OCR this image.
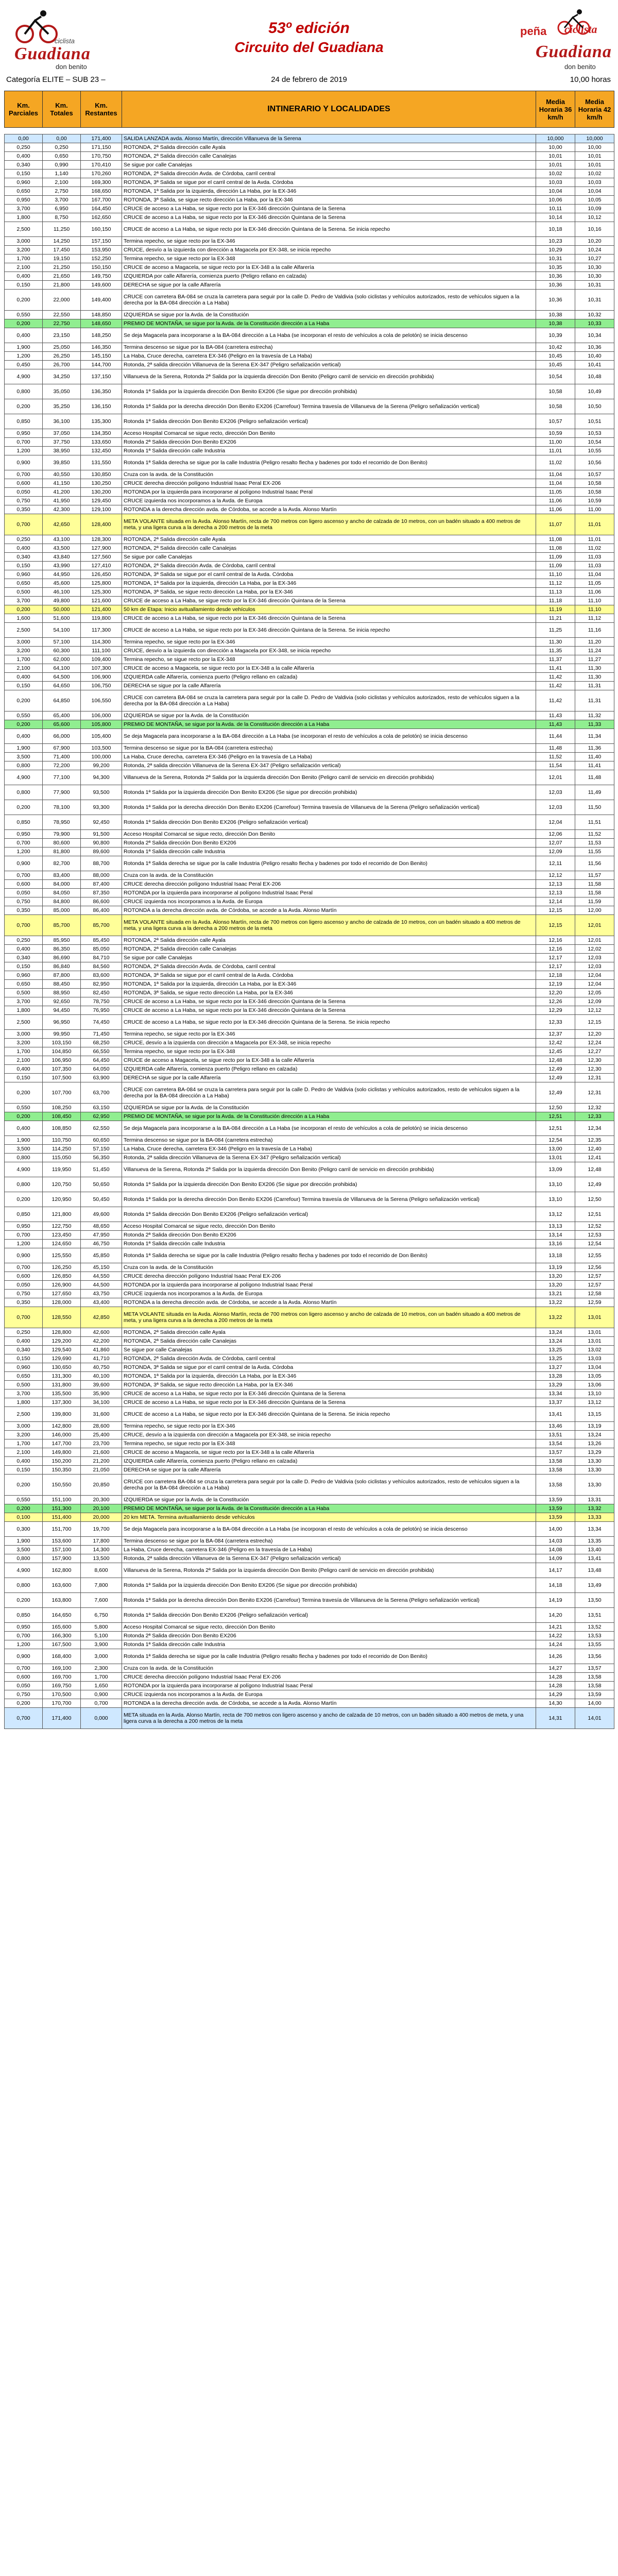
ciclista
Guadiana
don benito
53º edición
Circuito del Guadiana
peña ciclista
Guadiana
don benito
Categoría ELITE – SUB 23 –	24 de febrero de 2019	10,00 horas
Km. Parciales	Km. Totales	Km. Restantes	INTINERARIO Y LOCALIDADES	Media Horaria 36 km/h	Media Horaria 42 km/h

0,00	0,00	171,400	SALIDA LANZADA avda. Alonso Martín, dirección Villanueva de la Serena	10,000	10,000
0,250	0,250	171,150	ROTONDA, 2ª Salida dirección calle Ayala	10,00	10,00
0,400	0,650	170,750	ROTONDA, 2ª Salida dirección calle Canalejas	10,01	10,01
0,340	0,990	170,410	Se sigue por calle Canalejas	10,01	10,01
0,150	1,140	170,260	ROTONDA, 2ª Salida dirección Avda. de Córdoba, carril central	10,02	10,02
0,960	2,100	169,300	ROTONDA, 3ª Salida se sigue por el carril central de la Avda. Córdoba	10,03	10,03
0,650	2,750	168,650	ROTONDA, 1ª Salida por la izquierda, dirección La Haba, por la EX-346	10,04	10,04
0,950	3,700	167,700	ROTONDA, 3ª Salida, se sigue recto dirección La Haba, por la EX-346	10,06	10,05
3,700	6,950	164,450	CRUCE de acceso a La Haba, se sigue recto por la EX-346 dirección Quintana de la Serena	10,11	10,09
1,800	8,750	162,650	CRUCE de acceso a La Haba, se sigue recto por la EX-346 dirección Quintana de la Serena	10,14	10,12
2,500	11,250	160,150	CRUCE de acceso a La Haba, se sigue recto por la EX-346 dirección Quintana de la Serena. Se inicia repecho	10,18	10,16
3,000	14,250	157,150	Termina repecho, se sigue recto por la EX-346	10,23	10,20
3,200	17,450	153,950	CRUCE, desvío a la izquierda con dirección a Magacela por EX-348, se inicia repecho	10,29	10,24
1,700	19,150	152,250	Termina repecho, se sigue recto por la EX-348	10,31	10,27
2,100	21,250	150,150	CRUCE de acceso a Magacela, se sigue recto por la EX-348 a la calle Alfarería	10,35	10,30
0,400	21,650	149,750	IZQUIERDA por calle Alfarería, comienza puerto (Peligro rellano en calzada)	10,36	10,30
0,150	21,800	149,600	DERECHA se sigue por la calle Alfarería	10,36	10,31
0,200	22,000	149,400	CRUCE con carretera BA-084 se cruza la carretera para seguir por la calle D. Pedro de Valdivia (solo ciclistas y vehículos autorizados, resto de vehículos siguen a la derecha por la BA-084 dirección a La Haba)	10,36	10,31
0,550	22,550	148,850	IZQUIERDA se sigue por la Avda. de la Constitución	10,38	10,32
0,200	22,750	148,650	PREMIO DE MONTAÑA, se sigue por la Avda. de la Constitución dirección a La Haba	10,38	10,33
0,400	23,150	148,250	Se deja Magacela para incorporarse a la BA-084 dirección a La Haba (se incorporan el resto de vehículos a cola de pelotón) se inicia descenso	10,39	10,34
1,900	25,050	146,350	Termina descenso se sigue por la BA-084 (carretera estrecha)	10,42	10,36
1,200	26,250	145,150	La Haba, Cruce derecha, carretera EX-346 (Peligro en la travesía de La Haba)	10,45	10,40
0,450	26,700	144,700	Rotonda, 2ª salida dirección Villanueva de la Serena EX-347 (Peligro señalización vertical)	10,45	10,41
4,900	34,250	137,150	Villanueva de la Serena, Rotonda 2ª Salida por la izquierda dirección Don Benito (Peligro carril de servicio en dirección prohibida)	10,54	10,48
0,800	35,050	136,350	Rotonda 1ª Salida por la izquierda dirección Don Benito EX206 (Se sigue por dirección prohibida)	10,58	10,49
0,200	35,250	136,150	Rotonda 1ª Salida por la derecha dirección Don Benito EX206 (Carrefour) Termina travesía de Villanueva de la Serena (Peligro señalización vertical)	10,58	10,50
0,850	36,100	135,300	Rotonda 1ª Salida dirección Don Benito EX206 (Peligro señalización vertical)	10,57	10,51
0,950	37,050	134,350	Acceso Hospital Comarcal se sigue recto, dirección Don Benito	10,59	10,53
0,700	37,750	133,650	Rotonda 2ª Salida dirección Don Benito EX206	11,00	10,54
1,200	38,950	132,450	Rotonda 1ª Salida dirección calle Industria	11,01	10,55
0,900	39,850	131,550	Rotonda 1ª Salida derecha se sigue por la calle Industria (Peligro resalto flecha y badenes por todo el recorrido de Don Benito)	11,02	10,56
0,700	40,550	130,850	Cruza con la avda. de la Constitución	11,04	10,57
0,600	41,150	130,250	CRUCE derecha dirección polígono Industrial Isaac Peral EX-206	11,04	10,58
0,050	41,200	130,200	ROTONDA por la izquierda para incorporarse al polígono Industrial Isaac Peral	11,05	10,58
0,750	41,950	129,450	CRUCE izquierda nos incorporamos a la Avda. de Europa	11,06	10,59
0,350	42,300	129,100	ROTONDA a la derecha dirección avda. de Córdoba, se accede a la Avda. Alonso Martín	11,06	11,00
0,700	42,650	128,400	META VOLANTE situada en la Avda. Alonso Martín, recta de 700 metros con ligero ascenso y ancho de calzada de 10 metros, con un badén situado a 400 metros de meta, y una ligera curva a la derecha a 200 metros de la meta	11,07	11,01
0,250	43,100	128,300	ROTONDA, 2ª Salida dirección calle Ayala	11,08	11,01
0,400	43,500	127,900	ROTONDA, 2ª Salida dirección calle Canalejas	11,08	11,02
0,340	43,840	127,560	Se sigue por calle Canalejas	11,09	11,03
0,150	43,990	127,410	ROTONDA, 2ª Salida dirección Avda. de Córdoba, carril central	11,09	11,03
0,960	44,950	126,450	ROTONDA, 3ª Salida se sigue por el carril central de la Avda. Córdoba	11,10	11,04
0,650	45,600	125,800	ROTONDA, 1ª Salida por la izquierda, dirección La Haba, por la EX-346	11,12	11,05
0,500	46,100	125,300	ROTONDA, 3ª Salida, se sigue recto dirección La Haba, por la EX-346	11,13	11,06
3,700	49,800	121,600	CRUCE de acceso a La Haba, se sigue recto por la EX-346 dirección Quintana de la Serena	11,18	11,10
0,200	50,000	121,400	50 km de Etapa: Inicio avituallamiento desde vehículos	11,19	11,10
1,600	51,600	119,800	CRUCE de acceso a La Haba, se sigue recto por la EX-346 dirección Quintana de la Serena	11,21	11,12
2,500	54,100	117,300	CRUCE de acceso a La Haba, se sigue recto por la EX-346 dirección Quintana de la Serena. Se inicia repecho	11,25	11,16
3,000	57,100	114,300	Termina repecho, se sigue recto por la EX-346	11,30	11,20
3,200	60,300	111,100	CRUCE, desvío a la izquierda con dirección a Magacela por EX-348, se inicia repecho	11,35	11,24
1,700	62,000	109,400	Termina repecho, se sigue recto por la EX-348	11,37	11,27
2,100	64,100	107,300	CRUCE de acceso a Magacela, se sigue recto por la EX-348 a la calle Alfarería	11,41	11,30
0,400	64,500	106,900	IZQUIERDA calle Alfarería, comienza puerto (Peligro rellano en calzada)	11,42	11,30
0,150	64,650	106,750	DERECHA se sigue por la calle Alfarería	11,42	11,31
0,200	64,850	106,550	CRUCE con carretera BA-084 se cruza la carretera para seguir por la calle D. Pedro de Valdivia (solo ciclistas y vehículos autorizados, resto de vehículos siguen a la derecha por la BA-084 dirección a La Haba)	11,42	11,31
0,550	65,400	106,000	IZQUIERDA se sigue por la Avda. de la Constitución	11,43	11,32
0,200	65,600	105,800	PREMIO DE MONTAÑA, se sigue por la Avda. de la Constitución dirección a La Haba	11,43	11,33
0,400	66,000	105,400	Se deja Magacela para incorporarse a la BA-084 dirección a La Haba (se incorporan el resto de vehículos a cola de pelotón) se inicia descenso	11,44	11,34
1,900	67,900	103,500	Termina descenso se sigue por la BA-084 (carretera estrecha)	11,48	11,36
3,500	71,400	100,000	La Haba, Cruce derecha, carretera EX-346 (Peligro en la travesía de La Haba)	11,52	11,40
0,800	72,200	99,200	Rotonda, 2ª salida dirección Villanueva de la Serena EX-347 (Peligro señalización vertical)	11,54	11,41
4,900	77,100	94,300	Villanueva de la Serena, Rotonda 2ª Salida por la izquierda dirección Don Benito (Peligro carril de servicio en dirección prohibida)	12,01	11,48
0,800	77,900	93,500	Rotonda 1ª Salida por la izquierda dirección Don Benito EX206 (Se sigue por dirección prohibida)	12,03	11,49
0,200	78,100	93,300	Rotonda 1ª Salida por la derecha dirección Don Benito EX206 (Carrefour) Termina travesía de Villanueva de la Serena (Peligro señalización vertical)	12,03	11,50
0,850	78,950	92,450	Rotonda 1ª Salida dirección Don Benito EX206 (Peligro señalización vertical)	12,04	11,51
0,950	79,900	91,500	Acceso Hospital Comarcal se sigue recto, dirección Don Benito	12,06	11,52
0,700	80,600	90,800	Rotonda 2ª Salida dirección Don Benito EX206	12,07	11,53
1,200	81,800	89,600	Rotonda 1ª Salida dirección calle Industria	12,09	11,55
0,900	82,700	88,700	Rotonda 1ª Salida derecha se sigue por la calle Industria (Peligro resalto flecha y badenes por todo el recorrido de Don Benito)	12,11	11,56
0,700	83,400	88,000	Cruza con la avda. de la Constitución	12,12	11,57
0,600	84,000	87,400	CRUCE derecha dirección polígono Industrial Isaac Peral EX-206	12,13	11,58
0,050	84,050	87,350	ROTONDA por la izquierda para incorporarse al polígono Industrial Isaac Peral	12,13	11,58
0,750	84,800	86,600	CRUCE izquierda nos incorporamos a la Avda. de Europa	12,14	11,59
0,350	85,000	86,400	ROTONDA a la derecha dirección avda. de Córdoba, se accede a la Avda. Alonso Martín	12,15	12,00
0,700	85,700	85,700	META VOLANTE situada en la Avda. Alonso Martín, recta de 700 metros con ligero ascenso y ancho de calzada de 10 metros, con un badén situado a 400 metros de meta, y una ligera curva a la derecha a 200 metros de la meta	12,15	12,01
0,250	85,950	85,450	ROTONDA, 2ª Salida dirección calle Ayala	12,16	12,01
0,400	86,350	85,050	ROTONDA, 2ª Salida dirección calle Canalejas	12,16	12,02
0,340	86,690	84,710	Se sigue por calle Canalejas	12,17	12,03
0,150	86,840	84,560	ROTONDA, 2ª Salida dirección Avda. de Córdoba, carril central	12,17	12,03
0,960	87,800	83,600	ROTONDA, 3ª Salida se sigue por el carril central de la Avda. Córdoba	12,18	12,04
0,650	88,450	82,950	ROTONDA, 1ª Salida por la izquierda, dirección La Haba, por la EX-346	12,19	12,04
0,500	88,950	82,450	ROTONDA, 3ª Salida, se sigue recto dirección La Haba, por la EX-346	12,20	12,05
3,700	92,650	78,750	CRUCE de acceso a La Haba, se sigue recto por la EX-346 dirección Quintana de la Serena	12,26	12,09
1,800	94,450	76,950	CRUCE de acceso a La Haba, se sigue recto por la EX-346 dirección Quintana de la Serena	12,29	12,12
2,500	96,950	74,450	CRUCE de acceso a La Haba, se sigue recto por la EX-346 dirección Quintana de la Serena. Se inicia repecho	12,33	12,15
3,000	99,950	71,450	Termina repecho, se sigue recto por la EX-346	12,37	12,20
3,200	103,150	68,250	CRUCE, desvío a la izquierda con dirección a Magacela por EX-348, se inicia repecho	12,42	12,24
1,700	104,850	66,550	Termina repecho, se sigue recto por la EX-348	12,45	12,27
2,100	106,950	64,450	CRUCE de acceso a Magacela, se sigue recto por la EX-348 a la calle Alfarería	12,48	12,30
0,400	107,350	64,050	IZQUIERDA calle Alfarería, comienza puerto (Peligro rellano en calzada)	12,49	12,30
0,150	107,500	63,900	DERECHA se sigue por la calle Alfarería	12,49	12,31
0,200	107,700	63,700	CRUCE con carretera BA-084 se cruza la carretera para seguir por la calle D. Pedro de Valdivia (solo ciclistas y vehículos autorizados, resto de vehículos siguen a la derecha por la BA-084 dirección a La Haba)	12,49	12,31
0,550	108,250	63,150	IZQUIERDA se sigue por la Avda. de la Constitución	12,50	12,32
0,200	108,450	62,950	PREMIO DE MONTAÑA, se sigue por la Avda. de la Constitución dirección a La Haba	12,51	12,33
0,400	108,850	62,550	Se deja Magacela para incorporarse a la BA-084 dirección a La Haba (se incorporan el resto de vehículos a cola de pelotón) se inicia descenso	12,51	12,34
1,900	110,750	60,650	Termina descenso se sigue por la BA-084 (carretera estrecha)	12,54	12,35
3,500	114,250	57,150	La Haba, Cruce derecha, carretera EX-346 (Peligro en la travesía de La Haba)	13,00	12,40
0,800	115,050	56,350	Rotonda, 2ª salida dirección Villanueva de la Serena EX-347 (Peligro señalización vertical)	13,01	12,41
4,900	119,950	51,450	Villanueva de la Serena, Rotonda 2ª Salida por la izquierda dirección Don Benito (Peligro carril de servicio en dirección prohibida)	13,09	12,48
0,800	120,750	50,650	Rotonda 1ª Salida por la izquierda dirección Don Benito EX206 (Se sigue por dirección prohibida)	13,10	12,49
0,200	120,950	50,450	Rotonda 1ª Salida por la derecha dirección Don Benito EX206 (Carrefour) Termina travesía de Villanueva de la Serena (Peligro señalización vertical)	13,10	12,50
0,850	121,800	49,600	Rotonda 1ª Salida dirección Don Benito EX206 (Peligro señalización vertical)	13,12	12,51
0,950	122,750	48,650	Acceso Hospital Comarcal se sigue recto, dirección Don Benito	13,13	12,52
0,700	123,450	47,950	Rotonda 2ª Salida dirección Don Benito EX206	13,14	12,53
1,200	124,650	46,750	Rotonda 1ª Salida dirección calle Industria	13,16	12,54
0,900	125,550	45,850	Rotonda 1ª Salida derecha se sigue por la calle Industria (Peligro resalto flecha y badenes por todo el recorrido de Don Benito)	13,18	12,55
0,700	126,250	45,150	Cruza con la avda. de la Constitución	13,19	12,56
0,600	126,850	44,550	CRUCE derecha dirección polígono Industrial Isaac Peral EX-206	13,20	12,57
0,050	126,900	44,500	ROTONDA por la izquierda para incorporarse al polígono Industrial Isaac Peral	13,20	12,57
0,750	127,650	43,750	CRUCE izquierda nos incorporamos a la Avda. de Europa	13,21	12,58
0,350	128,000	43,400	ROTONDA a la derecha dirección avda. de Córdoba, se accede a la Avda. Alonso Martín	13,22	12,59
0,700	128,550	42,850	META VOLANTE situada en la Avda. Alonso Martín, recta de 700 metros con ligero ascenso y ancho de calzada de 10 metros, con un badén situado a 400 metros de meta, y una ligera curva a la derecha a 200 metros de la meta	13,22	13,01
0,250	128,800	42,600	ROTONDA, 2ª Salida dirección calle Ayala	13,24	13,01
0,400	129,200	42,200	ROTONDA, 2ª Salida dirección calle Canalejas	13,24	13,01
0,340	129,540	41,860	Se sigue por calle Canalejas	13,25	13,02
0,150	129,690	41,710	ROTONDA, 2ª Salida dirección Avda. de Córdoba, carril central	13,25	13,03
0,960	130,650	40,750	ROTONDA, 3ª Salida se sigue por el carril central de la Avda. Córdoba	13,27	13,04
0,650	131,300	40,100	ROTONDA, 1ª Salida por la izquierda, dirección La Haba, por la EX-346	13,28	13,05
0,500	131,800	39,600	ROTONDA, 3ª Salida, se sigue recto dirección La Haba, por la EX-346	13,29	13,06
3,700	135,500	35,900	CRUCE de acceso a La Haba, se sigue recto por la EX-346 dirección Quintana de la Serena	13,34	13,10
1,800	137,300	34,100	CRUCE de acceso a La Haba, se sigue recto por la EX-346 dirección Quintana de la Serena	13,37	13,12
2,500	139,800	31,600	CRUCE de acceso a La Haba, se sigue recto por la EX-346 dirección Quintana de la Serena. Se inicia repecho	13,41	13,15
3,000	142,800	28,600	Termina repecho, se sigue recto por la EX-346	13,46	13,19
3,200	146,000	25,400	CRUCE, desvío a la izquierda con dirección a Magacela por EX-348, se inicia repecho	13,51	13,24
1,700	147,700	23,700	Termina repecho, se sigue recto por la EX-348	13,54	13,26
2,100	149,800	21,600	CRUCE de acceso a Magacela, se sigue recto por la EX-348 a la calle Alfarería	13,57	13,29
0,400	150,200	21,200	IZQUIERDA calle Alfarería, comienza puerto (Peligro rellano en calzada)	13,58	13,30
0,150	150,350	21,050	DERECHA se sigue por la calle Alfarería	13,58	13,30
0,200	150,550	20,850	CRUCE con carretera BA-084 se cruza la carretera para seguir por la calle D. Pedro de Valdivia (solo ciclistas y vehículos autorizados, resto de vehículos siguen a la derecha por la BA-084 dirección a La Haba)	13,58	13,30
0,550	151,100	20,300	IZQUIERDA se sigue por la Avda. de la Constitución	13,59	13,31
0,200	151,300	20,100	PREMIO DE MONTAÑA, se sigue por la Avda. de la Constitución dirección a La Haba	13,59	13,32
0,100	151,400	20,000	20 km META. Termina avituallamiento desde vehículos	13,59	13,33
0,300	151,700	19,700	Se deja Magacela para incorporarse a la BA-084 dirección a La Haba (se incorporan el resto de vehículos a cola de pelotón) se inicia descenso	14,00	13,34
1,900	153,600	17,800	Termina descenso se sigue por la BA-084 (carretera estrecha)	14,03	13,35
3,500	157,100	14,300	La Haba, Cruce derecha, carretera EX-346 (Peligro en la travesía de La Haba)	14,08	13,40
0,800	157,900	13,500	Rotonda, 2ª salida dirección Villanueva de la Serena EX-347 (Peligro señalización vertical)	14,09	13,41
4,900	162,800	8,600	Villanueva de la Serena, Rotonda 2ª Salida por la izquierda dirección Don Benito (Peligro carril de servicio en dirección prohibida)	14,17	13,48
0,800	163,600	7,800	Rotonda 1ª Salida por la izquierda dirección Don Benito EX206 (Se sigue por dirección prohibida)	14,18	13,49
0,200	163,800	7,600	Rotonda 1ª Salida por la derecha dirección Don Benito EX206 (Carrefour) Termina travesía de Villanueva de la Serena (Peligro señalización vertical)	14,19	13,50
0,850	164,650	6,750	Rotonda 1ª Salida dirección Don Benito EX206 (Peligro señalización vertical)	14,20	13,51
0,950	165,600	5,800	Acceso Hospital Comarcal se sigue recto, dirección Don Benito	14,21	13,52
0,700	166,300	5,100	Rotonda 2ª Salida dirección Don Benito EX206	14,22	13,53
1,200	167,500	3,900	Rotonda 1ª Salida dirección calle Industria	14,24	13,55
0,900	168,400	3,000	Rotonda 1ª Salida derecha se sigue por la calle Industria (Peligro resalto flecha y badenes por todo el recorrido de Don Benito)	14,26	13,56
0,700	169,100	2,300	Cruza con la avda. de la Constitución	14,27	13,57
0,600	169,700	1,700	CRUCE derecha dirección polígono Industrial Isaac Peral EX-206	14,28	13,58
0,050	169,750	1,650	ROTONDA por la izquierda para incorporarse al polígono Industrial Isaac Peral	14,28	13,58
0,750	170,500	0,900	CRUCE izquierda nos incorporamos a la Avda. de Europa	14,29	13,59
0,200	170,700	0,700	ROTONDA a la derecha dirección avda. de Córdoba, se accede a la Avda. Alonso Martín	14,30	14,00
0,700	171,400	0,000	META situada en la Avda. Alonso Martín, recta de 700 metros con ligero ascenso y ancho de calzada de 10 metros, con un badén situado a 400 metros de meta, y una ligera curva a la derecha a 200 metros de la meta	14,31	14,01
